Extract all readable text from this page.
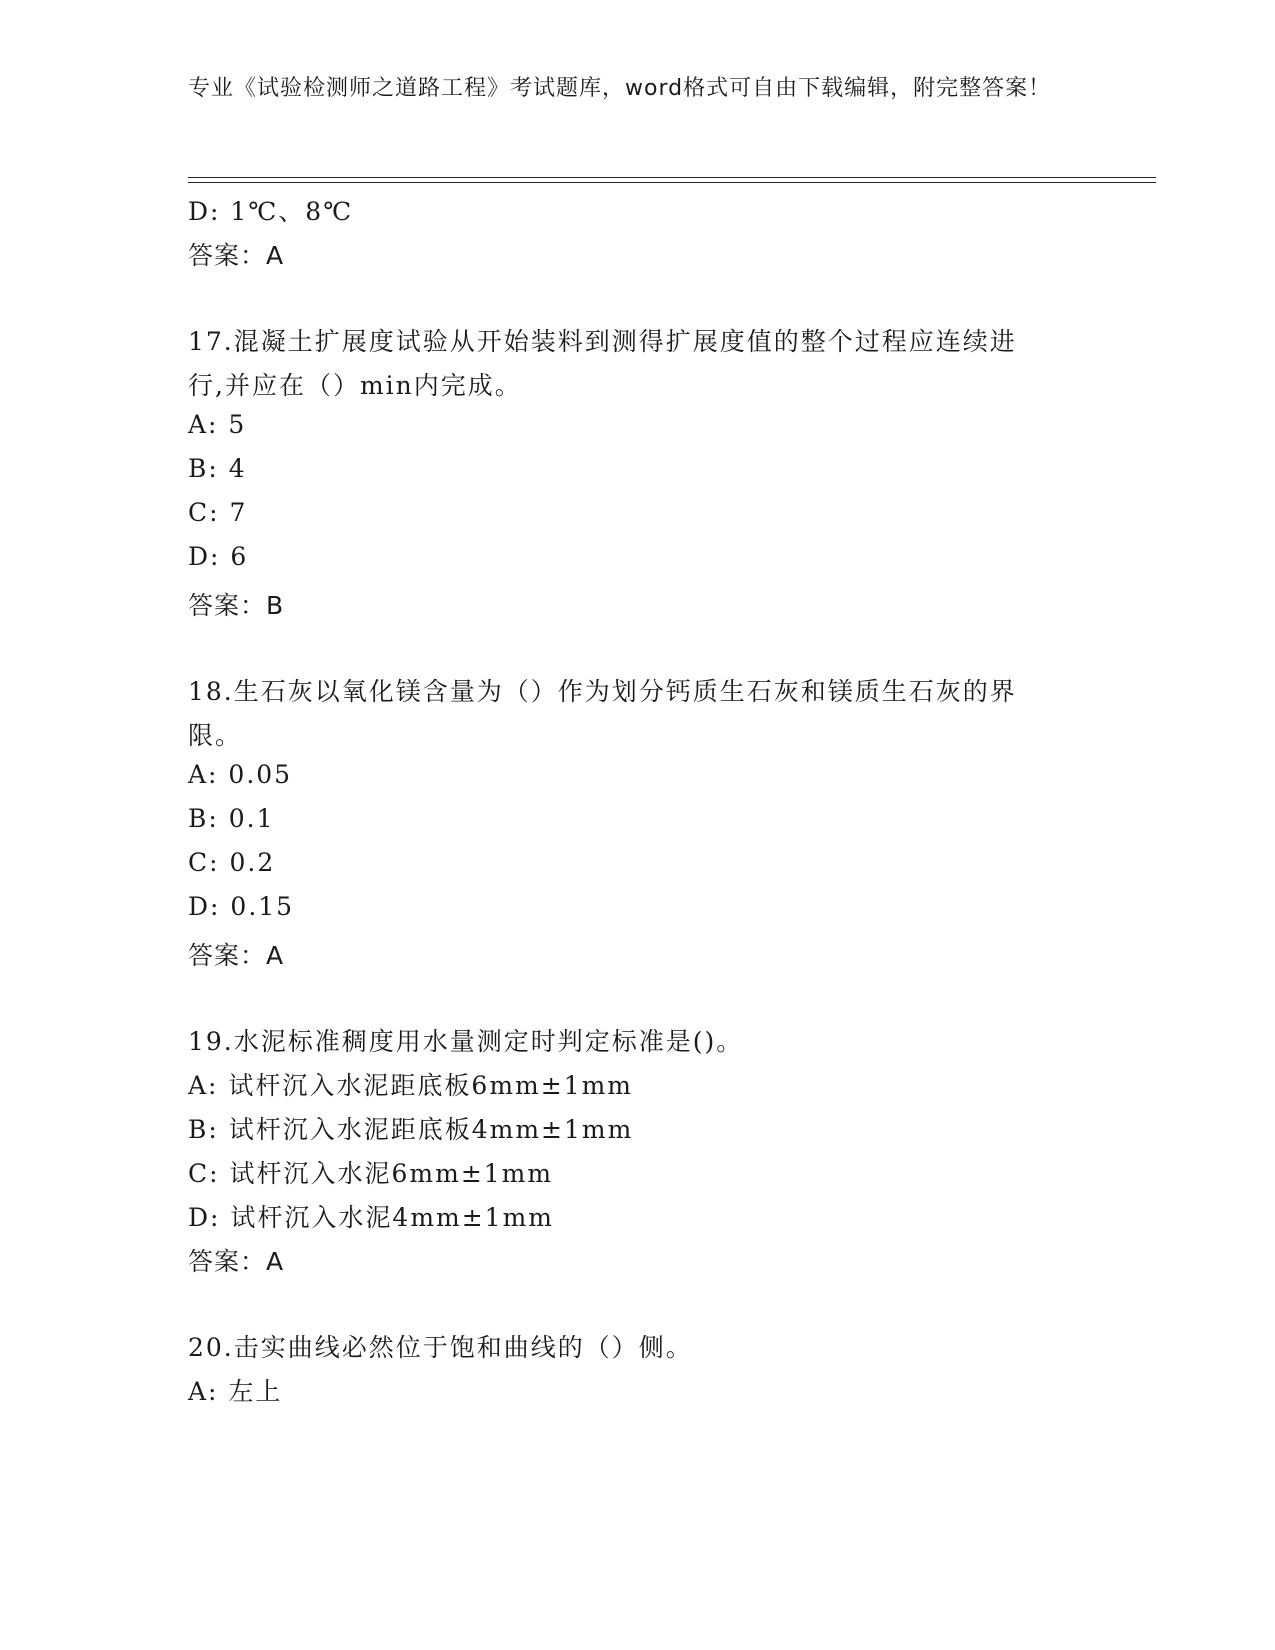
专业《试验检测师之道路工程》考试题库，word格式可自由下载编辑，附完整答案！
D: 1℃、8℃
答案：A
17.混凝土扩展度试验从开始装料到测得扩展度值的整个过程应连续进
行,并应在（）min内完成。
A: 5
B: 4
C: 7
D: 6
答案：B
18.生石灰以氧化镁含量为（）作为划分钙质生石灰和镁质生石灰的界
限。
A: 0.05
B: 0.1
C: 0.2
D: 0.15
答案：A
19.水泥标准稠度用水量测定时判定标准是()。
A: 试杆沉入水泥距底板6mm±1mm
B: 试杆沉入水泥距底板4mm±1mm
C: 试杆沉入水泥6mm±1mm
D: 试杆沉入水泥4mm±1mm
答案：A
20.击实曲线必然位于饱和曲线的（）侧。
A: 左上
